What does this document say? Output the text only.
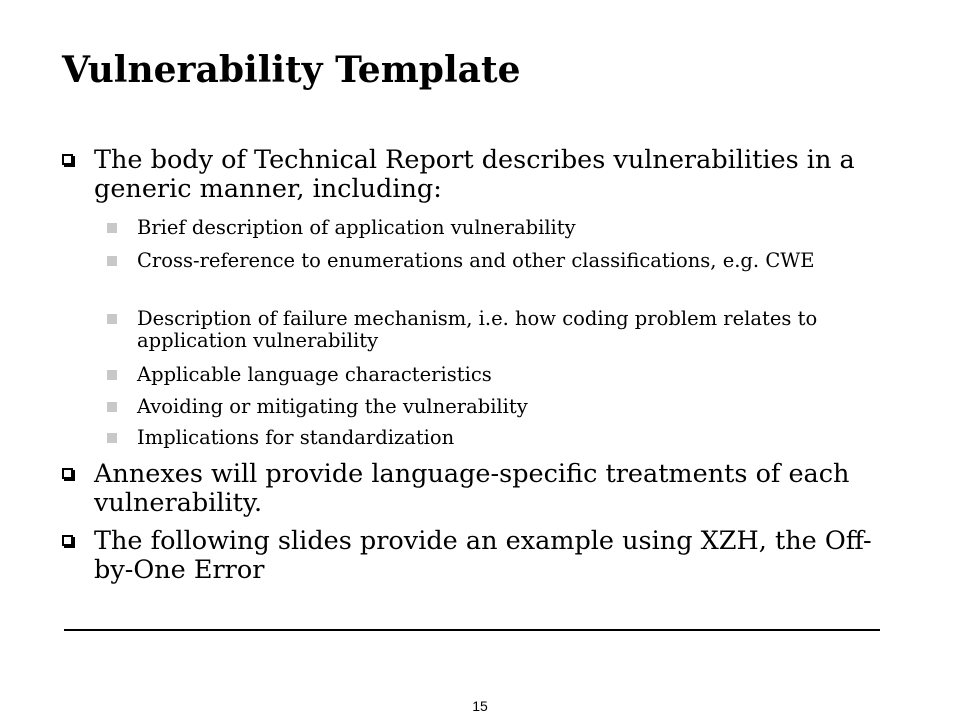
Vulnerability Template
The body of Technical Report describes vulnerabilities in a generic manner, including:
Brief description of application vulnerability
Cross-reference to enumerations and other classifications, e.g. CWE
Description of failure mechanism, i.e. how coding problem relates to application vulnerability
Applicable language characteristics
Avoiding or mitigating the vulnerability
Implications for standardization
Annexes will provide language-specific treatments of each vulnerability.
The following slides provide an example using XZH, the Off-by-One Error
15
